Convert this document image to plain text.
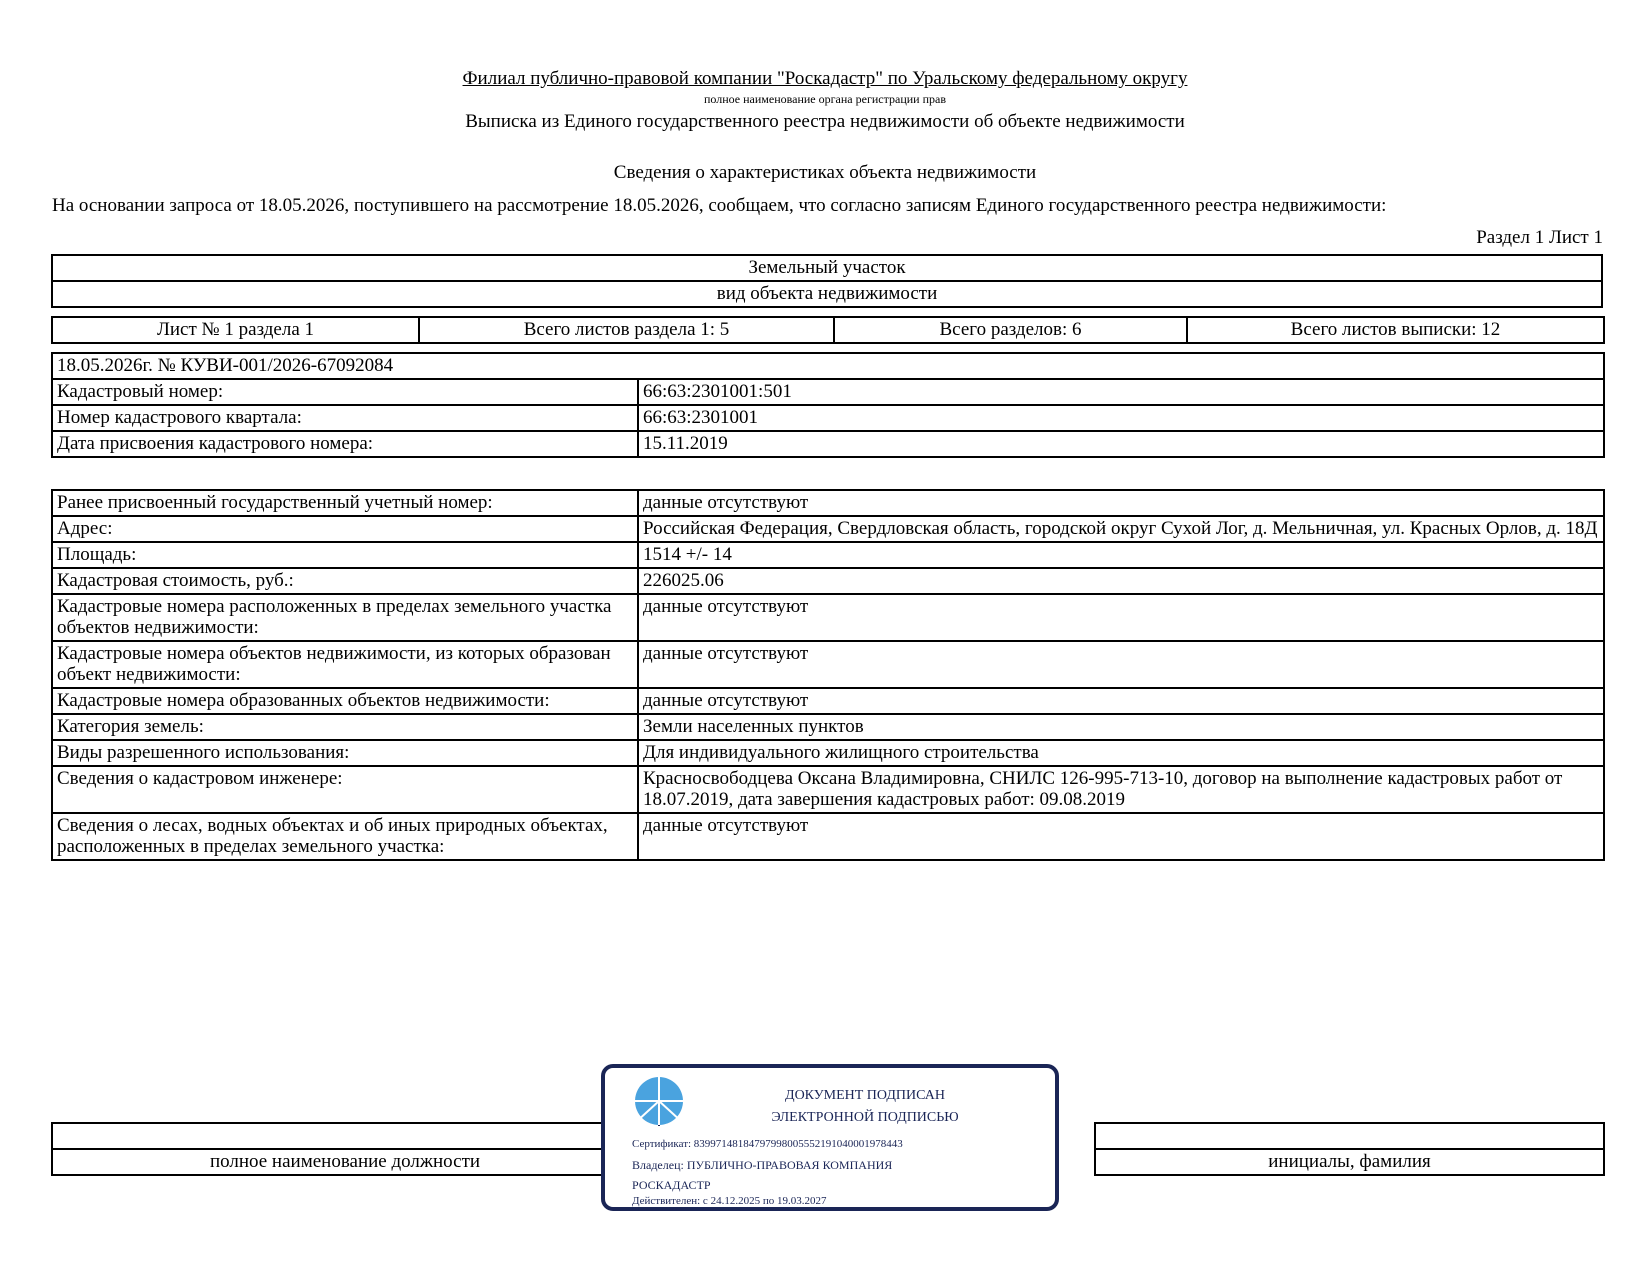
Филиал публично-правовой компании "Роскадастр" по Уральскому федеральному округу
полное наименование органа регистрации прав
Выписка из Единого государственного реестра недвижимости об объекте недвижимости
Сведения о характеристиках объекта недвижимости
На основании запроса от 18.05.2026, поступившего на рассмотрение 18.05.2026, сообщаем, что согласно записям Единого государственного реестра недвижимости:
Раздел 1 Лист 1
Земельный участок
вид объекта недвижимости
Лист № 1 раздела 1	Всего листов раздела 1: 5	Всего разделов: 6	Всего листов выписки: 12
18.05.2026г. № КУВИ-001/2026-67092084	
Кадастровый номер:	66:63:2301001:501
Номер кадастрового квартала:	66:63:2301001
Дата присвоения кадастрового номера:	15.11.2019
Ранее присвоенный государственный учетный номер:	данные отсутствуют
Адрес:	Российская Федерация, Свердловская область, городской округ Сухой Лог, д. Мельничная, ул. Красных Орлов, д. 18Д
Площадь:	1514 +/- 14
Кадастровая стоимость, руб.:	226025.06
Кадастровые номера расположенных в пределах земельного участка объектов недвижимости:	данные отсутствуют
Кадастровые номера объектов недвижимости, из которых образован объект недвижимости:	данные отсутствуют
Кадастровые номера образованных объектов недвижимости:	данные отсутствуют
Категория земель:	Земли населенных пунктов
Виды разрешенного использования:	Для индивидуального жилищного строительства
Сведения о кадастровом инженере:	Красносвободцева Оксана Владимировна, СНИЛС 126-995-713-10, договор на выполнение кадастровых работ от 18.07.2019, дата завершения кадастровых работ: 09.08.2019
Сведения о лесах, водных объектах и об иных природных объектах, расположенных в пределах земельного участка:	данные отсутствуют

полное наименование должности		инициалы, фамилия
ДОКУМЕНТ ПОДПИСАН
ЭЛЕКТРОННОЙ ПОДПИСЬЮ
Сертификат: 83997148184797998005552191040001978443
Владелец: ПУБЛИЧНО-ПРАВОВАЯ КОМПАНИЯ
РОСКАДАСТР
Действителен: с 24.12.2025 по 19.03.2027
